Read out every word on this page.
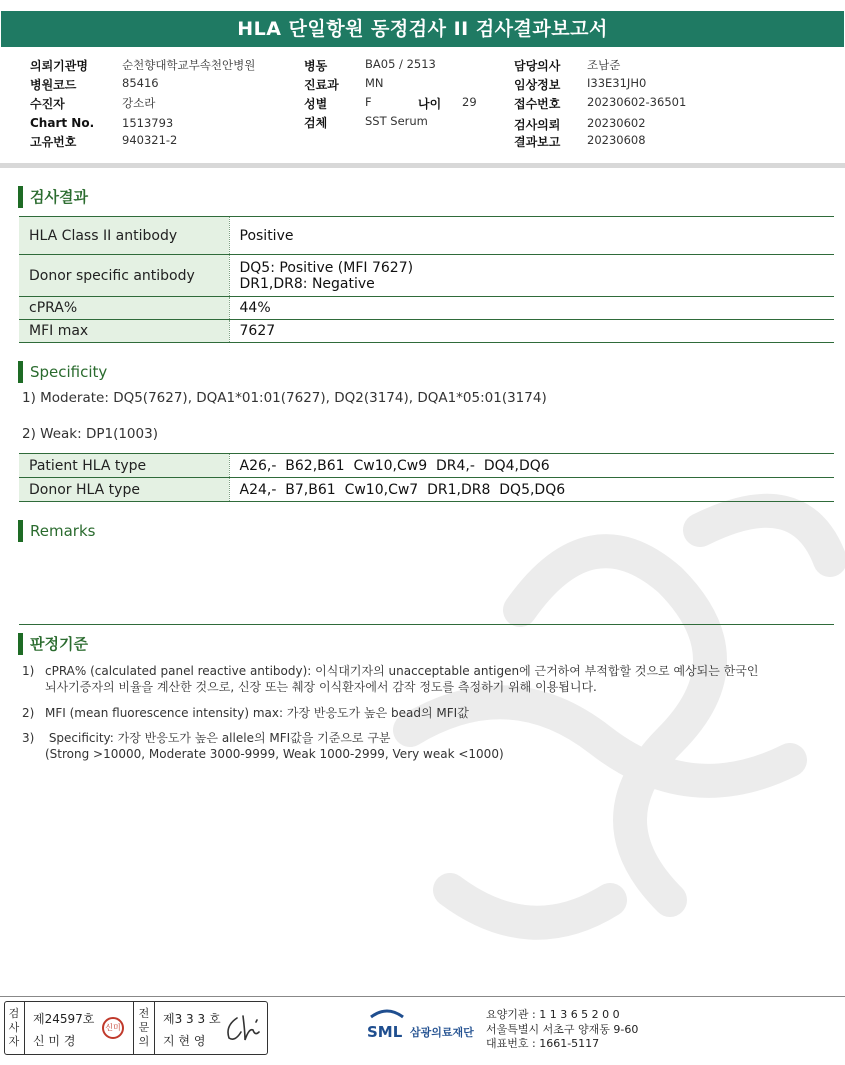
HLA 단일항원 동정검사 II 검사결과보고서
의뢰기관명	순천향대학교부속천안병원
병원코드	85416
수진자	강소라
Chart No. 1513793
고유번호	940321-2
병동	BA05 / 2513
진료과 MN
성별	F	나이 29
검체	SST Serum
담당의사 조남준
임상정보 I33E31JH0
접수번호 20230602-36501
검사의뢰 20230602
결과보고 20230608
검사결과
HLA Class II antibody	Positive
Donor specific antibody	DQ5: Positive (MFI 7627)
DR1,DR8: Negative

cPRA%	44%
MFI max	7627
Specificity
1) Moderate: DQ5(7627), DQA1*01:01(7627), DQ2(3174), DQA1*05:01(3174)
2) Weak: DP1(1003)
Patient HLA type	A26,-  B62,B61  Cw10,Cw9  DR4,-  DQ4,DQ6
Donor HLA type	A24,-  B7,B61  Cw10,Cw7  DR1,DR8  DQ5,DQ6
Remarks
판정기준
1) cPRA% (calculated panel reactive antibody): 이식대기자의 unacceptable antigen에 근거하여 부적합할 것으로 예상되는 한국인
뇌사기증자의 비율을 계산한 것으로, 신장 또는 췌장 이식환자에서 감작 정도를 측정하기 위해 이용됩니다.
2) MFI (mean fluorescence intensity) max: 가장 반응도가 높은 bead의 MFI값
3) Specificity: 가장 반응도가 높은 allele의 MFI값을 기준으로 구분
(Strong >10000, Moderate 3000-9999, Weak 1000-2999, Very weak <1000)
검
사
자
제24597호
신 미 경
신미
전
문
의
제3 3 3 호
지 현 영	SML 삼광의료재단
요양기관 : 1 1 3 6 5 2 0 0
서울특별시 서초구 양재동 9-60
대표번호 : 1661-5117
